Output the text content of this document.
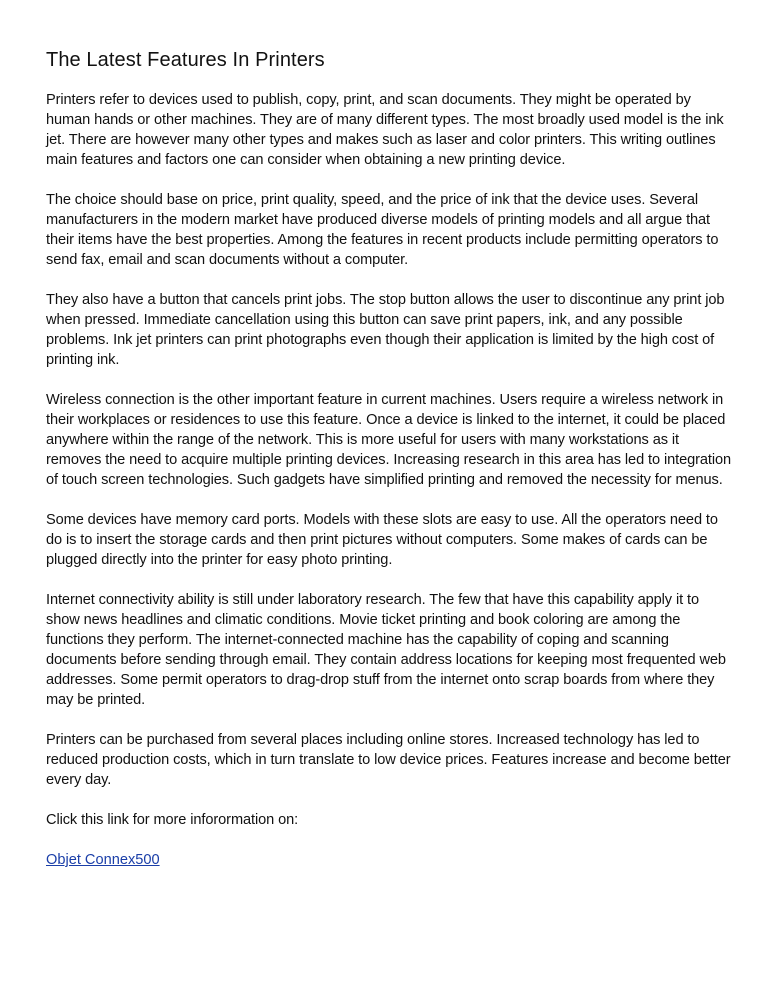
The Latest Features In Printers

Printers refer to devices used to publish, copy, print, and scan documents. They might be operated by human hands or other machines. They are of many different types. The most broadly used model is the ink jet. There are however many other types and makes such as laser and color printers. This writing outlines main features and factors one can consider when obtaining a new printing device.

The choice should base on price, print quality, speed, and the price of ink that the device uses. Several manufacturers in the modern market have produced diverse models of printing models and all argue that their items have the best properties. Among the features in recent products include permitting operators to send fax, email and scan documents without a computer.

They also have a button that cancels print jobs. The stop button allows the user to discontinue any print job when pressed. Immediate cancellation using this button can save print papers, ink, and any possible problems. Ink jet printers can print photographs even though their application is limited by the high cost of printing ink.

Wireless connection is the other important feature in current machines. Users require a wireless network in their workplaces or residences to use this feature. Once a device is linked to the internet, it could be placed anywhere within the range of the network. This is more useful for users with many workstations as it removes the need to acquire multiple printing devices. Increasing research in this area has led to integration of touch screen technologies. Such gadgets have simplified printing and removed the necessity for menus.

Some devices have memory card ports. Models with these slots are easy to use. All the operators need to do is to insert the storage cards and then print pictures without computers. Some makes of cards can be plugged directly into the printer for easy photo printing.

Internet connectivity ability is still under laboratory research. The few that have this capability apply it to show news headlines and climatic conditions. Movie ticket printing and book coloring are among the functions they perform. The internet-connected machine has the capability of coping and scanning documents before sending through email. They contain address locations for keeping most frequented web addresses. Some permit operators to drag-drop stuff from the internet onto scrap boards from where they may be printed.

Printers can be purchased from several places including online stores. Increased technology has led to reduced production costs, which in turn translate to low device prices. Features increase and become better every day.

Click this link for more inforormation on:

Objet Connex500
